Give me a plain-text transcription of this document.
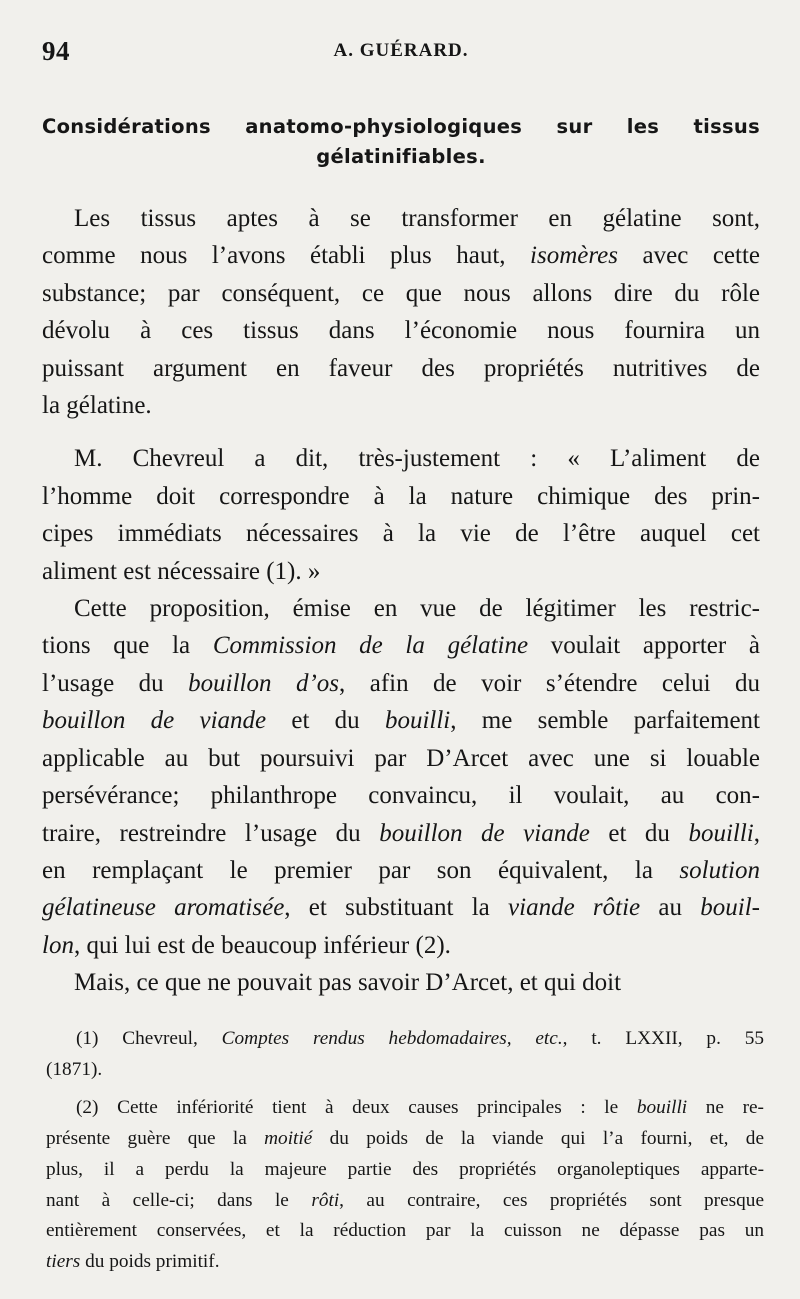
94	A. GUÉRARD.
Considérations anatomo-physiologiques sur les tissus
gélatinifiables.
Les tissus aptes à se transformer en gélatine sont,
comme nous l’avons établi plus haut, isomères avec cette
substance; par conséquent, ce que nous allons dire du rôle
dévolu à ces tissus dans l’économie nous fournira un
puissant argument en faveur des propriétés nutritives de
la gélatine.
M. Chevreul a dit, très-justement : « L’aliment de
l’homme doit correspondre à la nature chimique des prin-
cipes immédiats nécessaires à la vie de l’être auquel cet
aliment est nécessaire (1). »
Cette proposition, émise en vue de légitimer les restric-
tions que la Commission de la gélatine voulait apporter à
l’usage du bouillon d’os, afin de voir s’étendre celui du
bouillon de viande et du bouilli, me semble parfaitement
applicable au but poursuivi par D’Arcet avec une si louable
persévérance; philanthrope convaincu, il voulait, au con-
traire, restreindre l’usage du bouillon de viande et du bouilli,
en remplaçant le premier par son équivalent, la solution
gélatineuse aromatisée, et substituant la viande rôtie au bouil-
lon, qui lui est de beaucoup inférieur (2).
Mais, ce que ne pouvait pas savoir D’Arcet, et qui doit
(1) Chevreul, Comptes rendus hebdomadaires, etc., t. LXXII, p. 55
(1871).
(2) Cette infériorité tient à deux causes principales : le bouilli ne re-
présente guère que la moitié du poids de la viande qui l’a fourni, et, de
plus, il a perdu la majeure partie des propriétés organoleptiques apparte-
nant à celle-ci; dans le rôti, au contraire, ces propriétés sont presque
entièrement conservées, et la réduction par la cuisson ne dépasse pas un
tiers du poids primitif.
